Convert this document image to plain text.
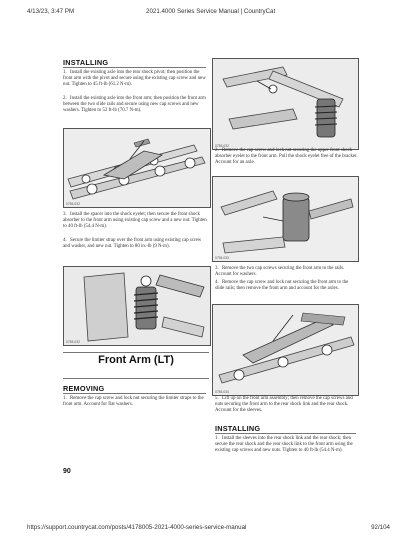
4/13/23, 3:47 PM	2021.4000 Series Service Manual | CountryCat
INSTALLING
1. Install the existing axle into the rear shock pivot; then position the front arm with the pivot and secure using the existing cap screw and new nut. Tighten to 45 ft-lb (61.2 N-m).
2. Install the existing axle into the front arm; then position the front arm between the two slide rails and secure using new cap screws and new washers. Tighten to 52 ft-lb (70.7 N-m).
0755-032
3. Install the spacer into the shock eyelet; then secure the front shock absorber to the front arm using existing cap screw and a new nut. Tighten to 40 ft-lb (54.4 N-m).
4. Secure the limiter strap over the front arm using existing cap screw and washer, and new nut. Tighten to 80 in.-lb (9 N-m).
0755-032
Front Arm (LT)
REMOVING
1. Remove the cap screw and lock nut securing the limiter straps to the front arm. Account for flat washers.
90
0755-032
2. Remove the cap screw and lock nut securing the upper front shock absorber eyelet to the front arm. Pull the shock eyelet free of the bracket. Account for an axle.
0755-033
3. Remove the two cap screws securing the front arm to the rails. Account for washers.
4. Remove the cap screw and lock nut securing the front arm to the slide rails; then remove the front arm and account for the axles.
0755-034
5. Lift up on the front arm assembly; then remove the cap screws and nuts securing the front arm to the rear shock link and the rear shock. Account for the sleeves.
INSTALLING
1. Install the sleeves into the rear shock link and the rear shock; then secure the rear shock and the rear shock link to the front arm using the existing cap screws and new nuts. Tighten to 40 ft-lb (54.4 N-m).
https://support.countrycat.com/posts/4178005-2021-4000-series-service-manual	92/104
